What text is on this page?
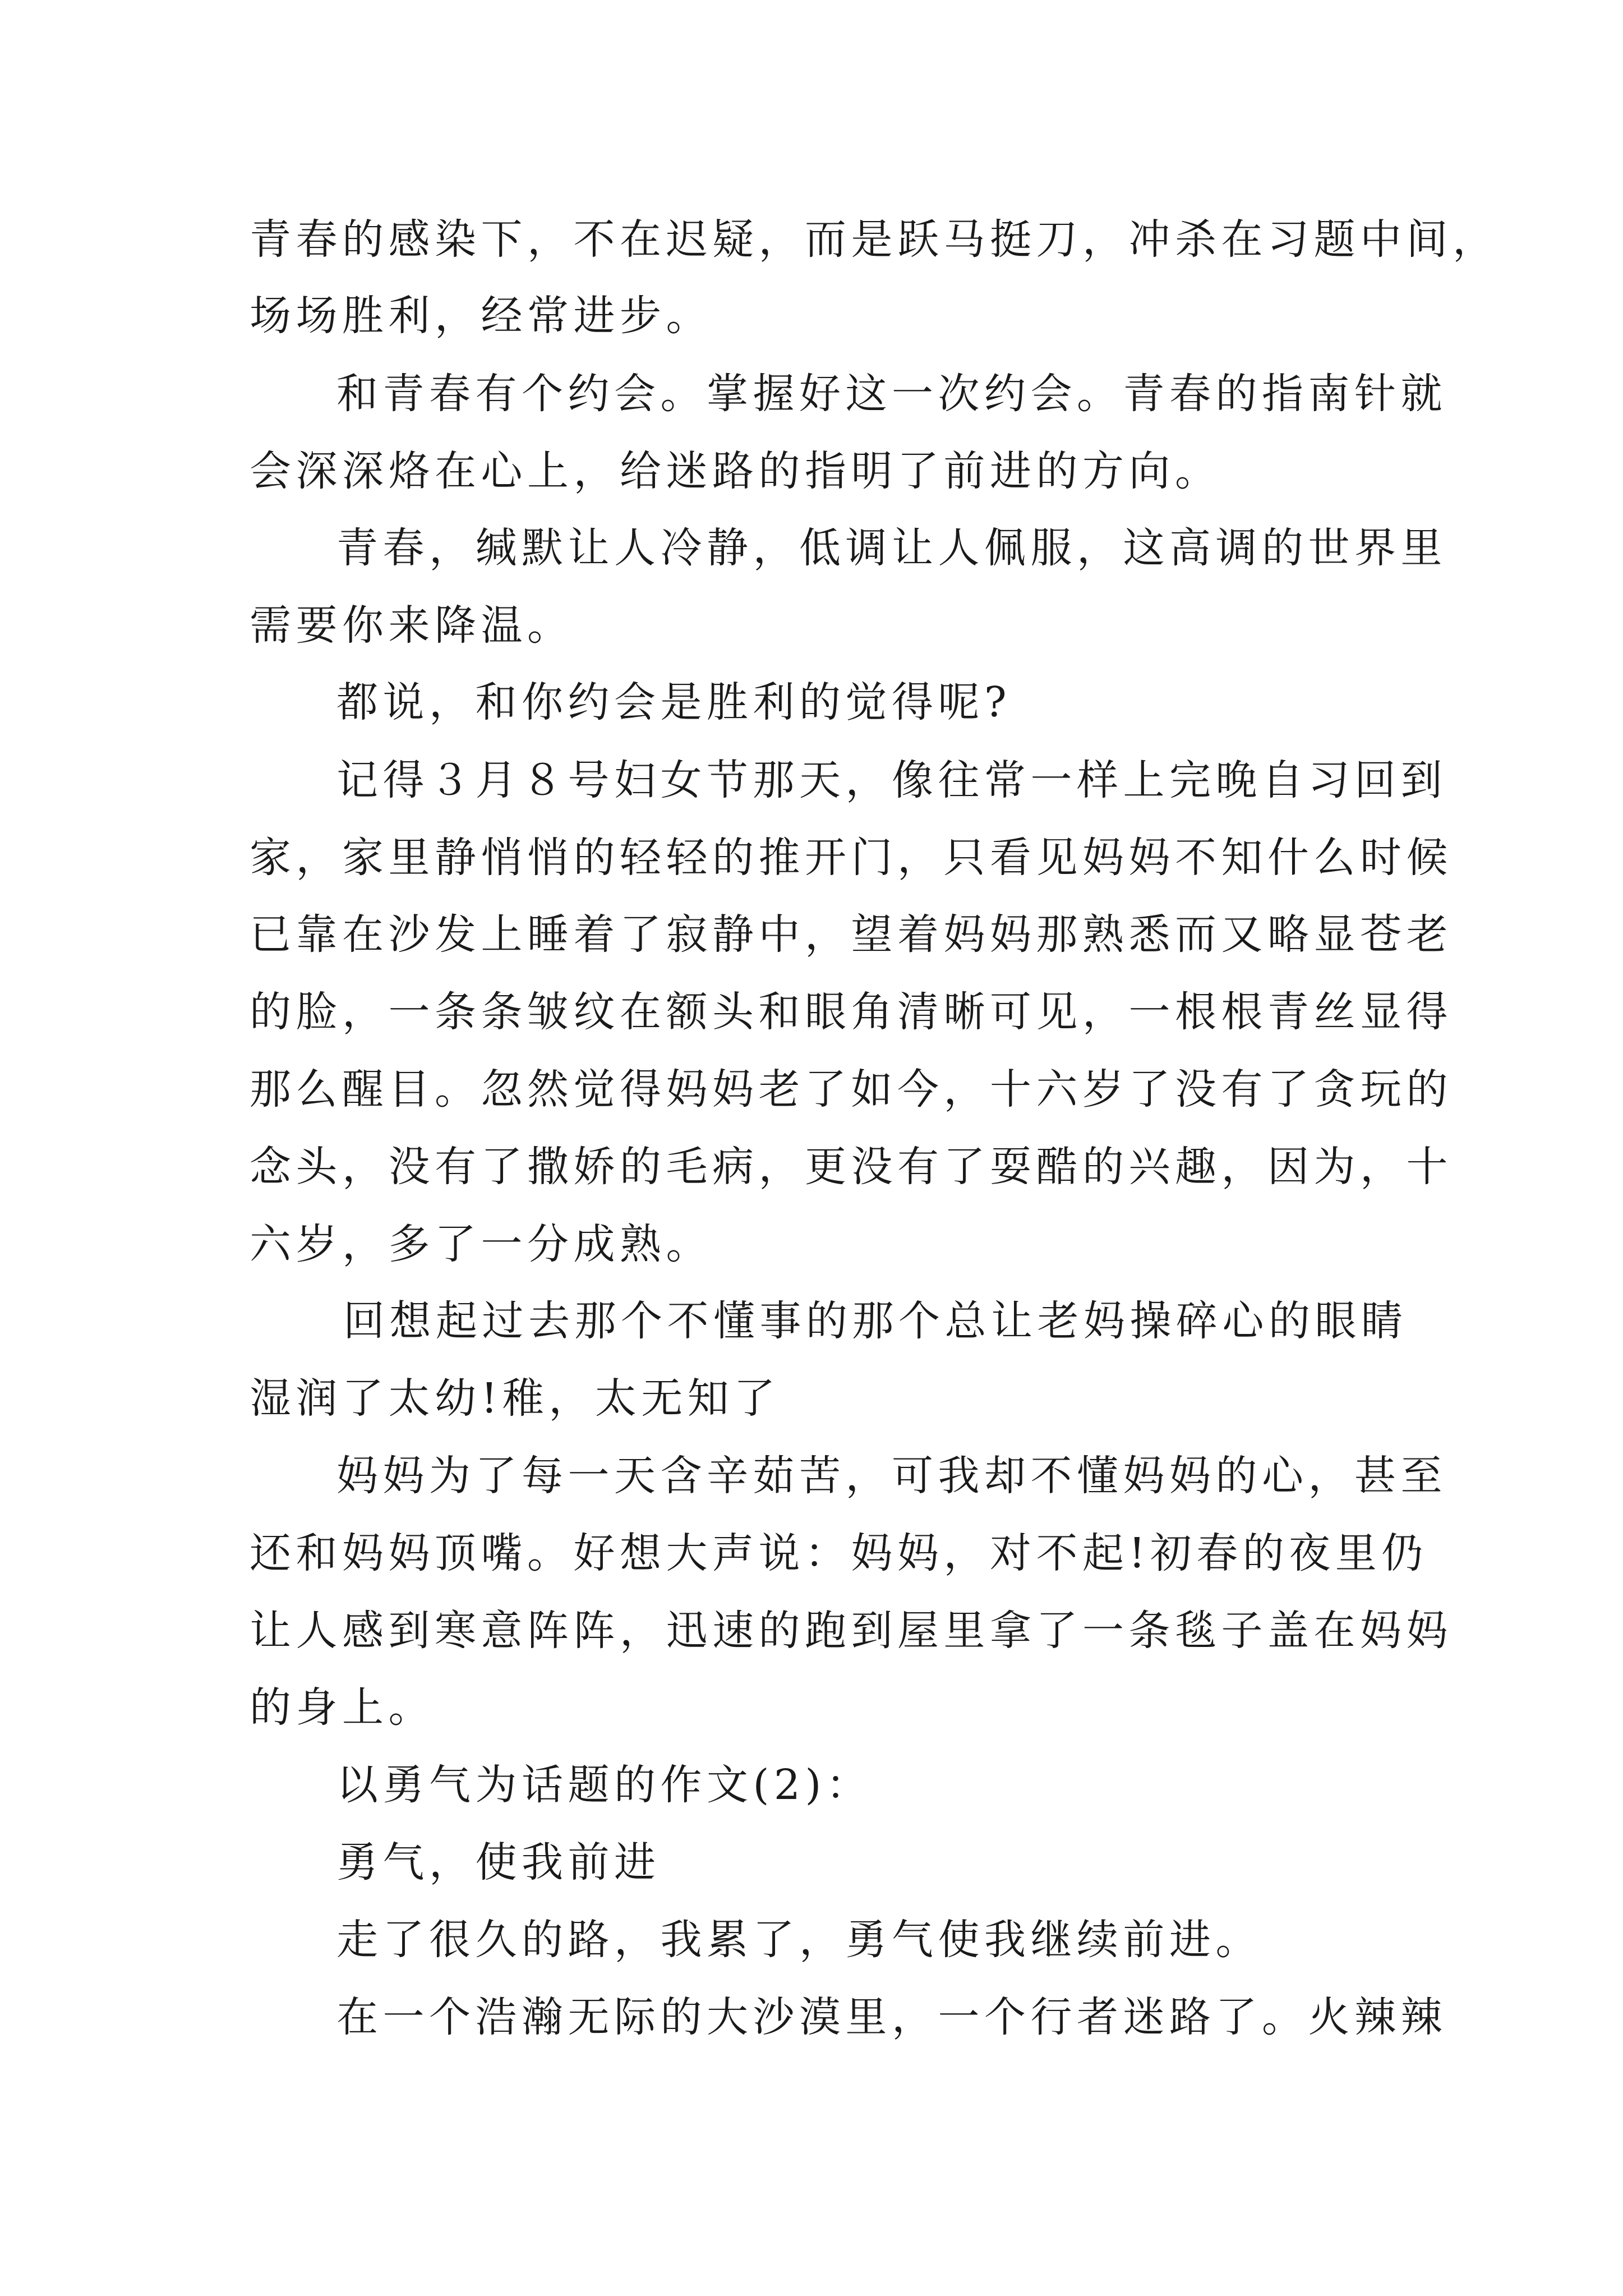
青春的感染下，不在迟疑，而是跃马挺刀，冲杀在习题中间，
场场胜利，经常进步。
和青春有个约会。掌握好这一次约会。青春的指南针就
会深深烙在心上，给迷路的指明了前进的方向。
青春，缄默让人冷静，低调让人佩服，这高调的世界里
需要你来降温。
都说，和你约会是胜利的觉得呢?
记得３月８号妇女节那天，像往常一样上完晚自习回到
家，家里静悄悄的轻轻的推开门，只看见妈妈不知什么时候
已靠在沙发上睡着了寂静中，望着妈妈那熟悉而又略显苍老
的脸，一条条皱纹在额头和眼角清晰可见，一根根青丝显得
那么醒目。忽然觉得妈妈老了如今，十六岁了没有了贪玩的
念头，没有了撒娇的毛病，更没有了耍酷的兴趣，因为，十
六岁，多了一分成熟。
回想起过去那个不懂事的那个总让老妈操碎心的眼睛
湿润了太幼!稚，太无知了
妈妈为了每一天含辛茹苦，可我却不懂妈妈的心，甚至
还和妈妈顶嘴。好想大声说：妈妈，对不起!初春的夜里仍
让人感到寒意阵阵，迅速的跑到屋里拿了一条毯子盖在妈妈
的身上。
以勇气为话题的作文(2)：
勇气，使我前进
走了很久的路，我累了，勇气使我继续前进。
在一个浩瀚无际的大沙漠里，一个行者迷路了。火辣辣
